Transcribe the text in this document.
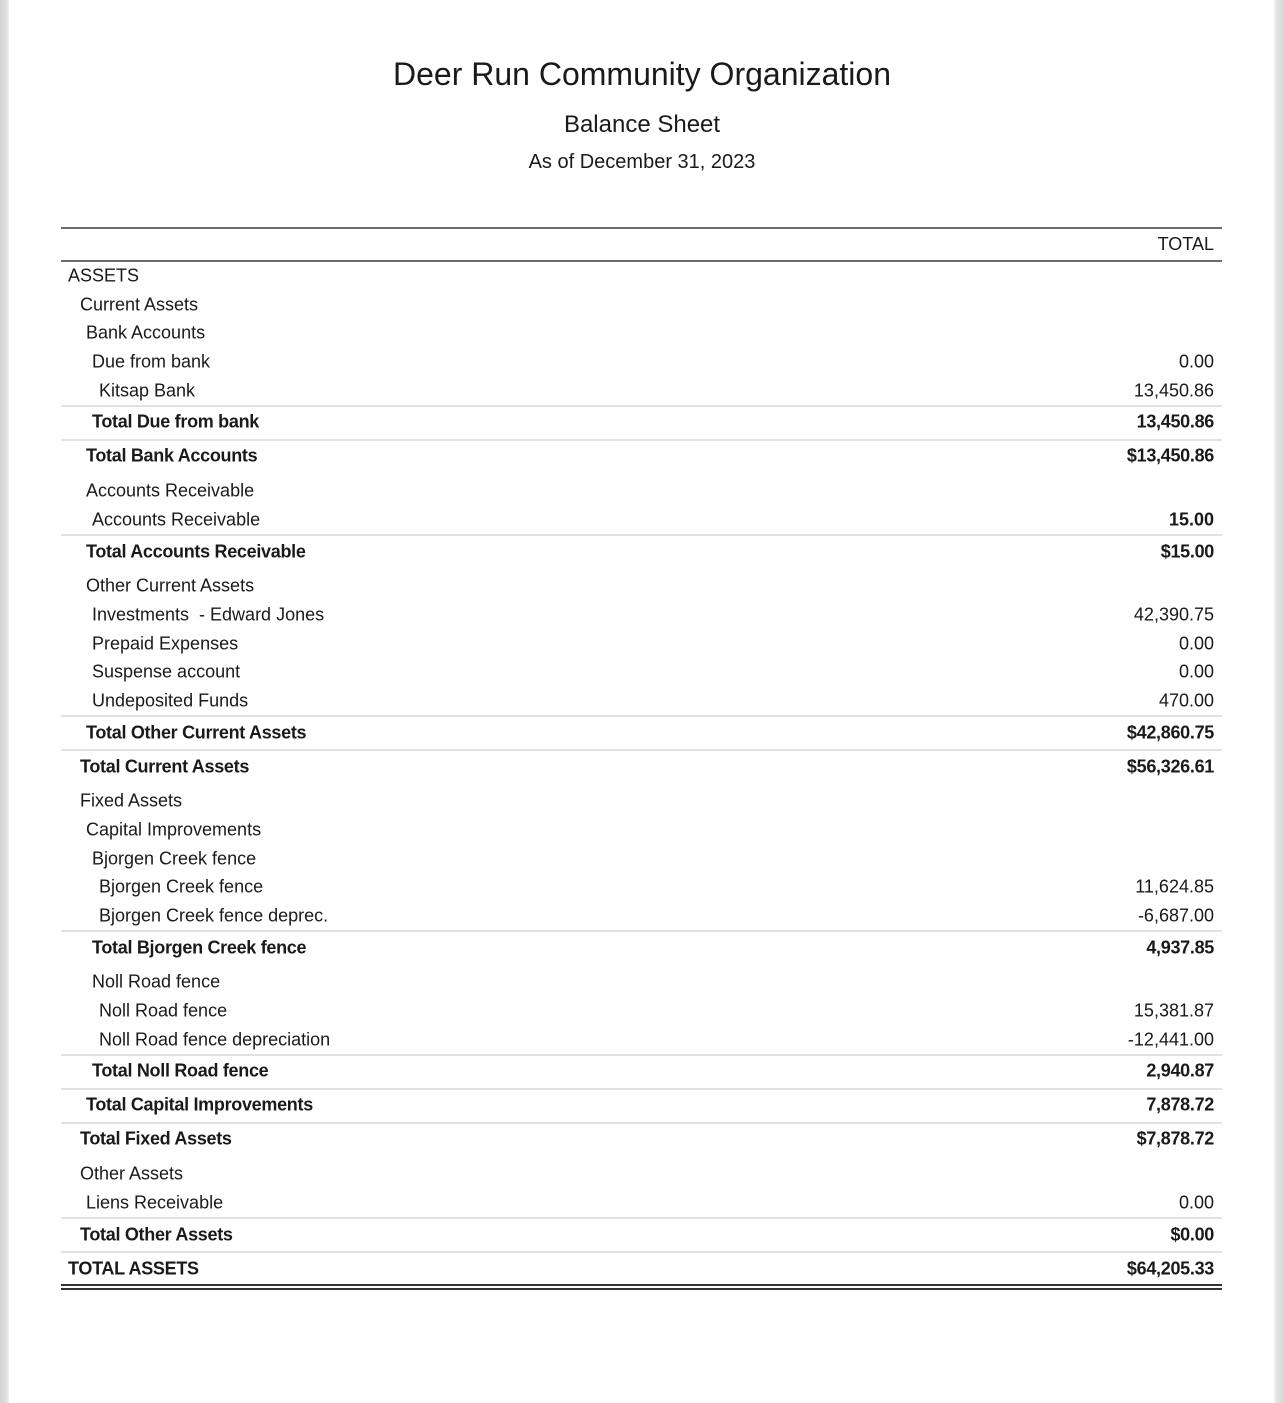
Deer Run Community Organization
Balance Sheet
As of December 31, 2023
TOTAL
ASSETS
Current Assets
Bank Accounts
Due from bank	0.00
Kitsap Bank	13,450.86
Total Due from bank	13,450.86
Total Bank Accounts	$13,450.86
Accounts Receivable
Accounts Receivable	15.00
Total Accounts Receivable	$15.00
Other Current Assets
Investments  - Edward Jones	42,390.75
Prepaid Expenses	0.00
Suspense account	0.00
Undeposited Funds	470.00
Total Other Current Assets	$42,860.75
Total Current Assets	$56,326.61
Fixed Assets
Capital Improvements
Bjorgen Creek fence
Bjorgen Creek fence	11,624.85
Bjorgen Creek fence deprec.	-6,687.00
Total Bjorgen Creek fence	4,937.85
Noll Road fence
Noll Road fence	15,381.87
Noll Road fence depreciation	-12,441.00
Total Noll Road fence	2,940.87
Total Capital Improvements	7,878.72
Total Fixed Assets	$7,878.72
Other Assets
Liens Receivable	0.00
Total Other Assets	$0.00
TOTAL ASSETS	$64,205.33
